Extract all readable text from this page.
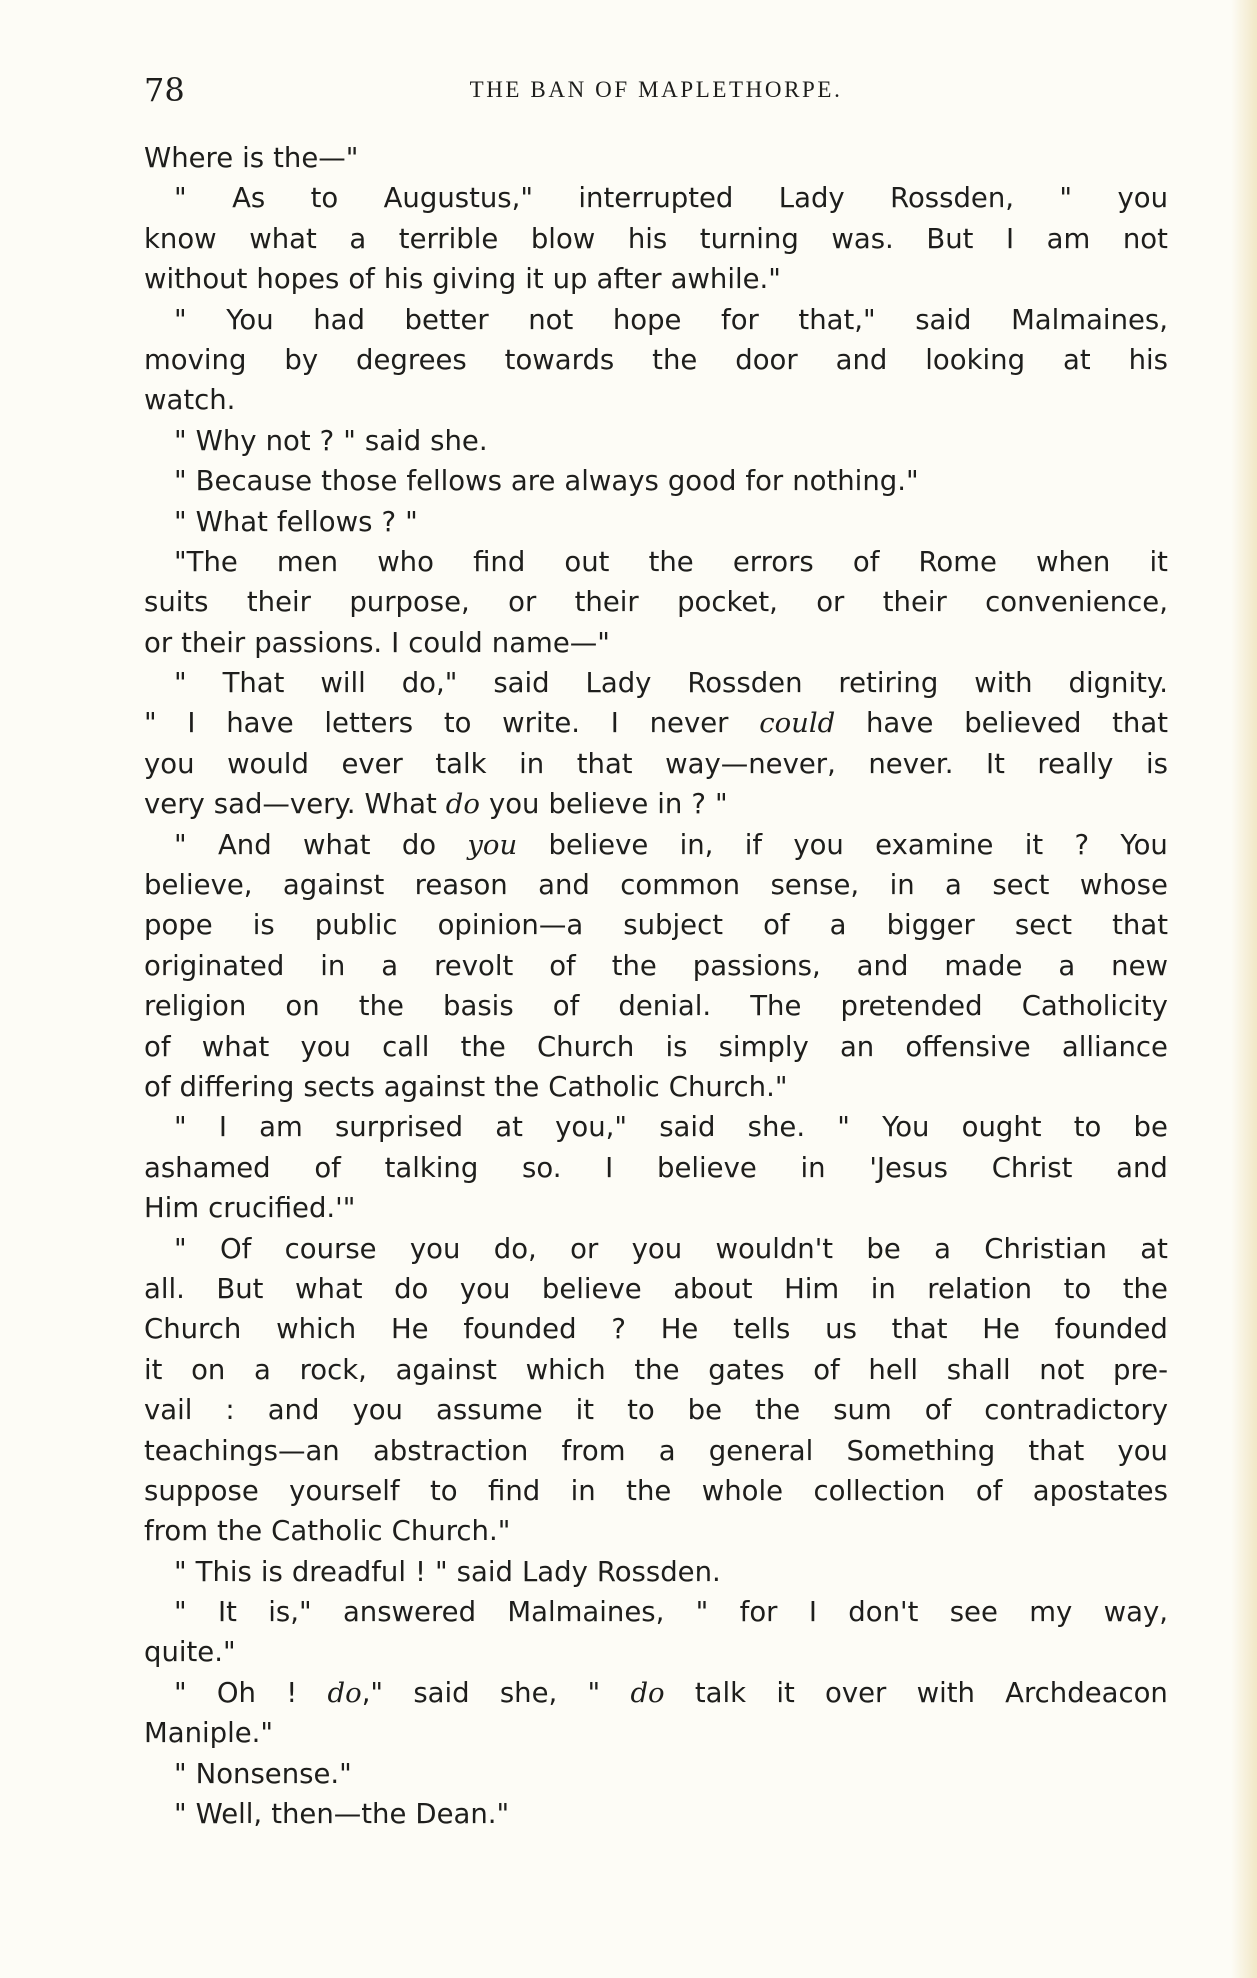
78	THE BAN OF MAPLETHORPE.
Where is the—"
" As to Augustus," interrupted Lady Rossden, " you
know what a terrible blow his turning was. But I am not
without hopes of his giving it up after awhile."
" You had better not hope for that," said Malmaines,
moving by degrees towards the door and looking at his
watch.
" Why not ? " said she.
" Because those fellows are always good for nothing."
" What fellows ? "
"The men who find out the errors of Rome when it
suits their purpose, or their pocket, or their convenience,
or their passions. I could name—"
" That will do," said Lady Rossden retiring with dignity.
" I have letters to write. I never could have believed that
you would ever talk in that way—never, never. It really is
very sad—very. What do you believe in ? "
" And what do you believe in, if you examine it ? You
believe, against reason and common sense, in a sect whose
pope is public opinion—a subject of a bigger sect that
originated in a revolt of the passions, and made a new
religion on the basis of denial. The pretended Catholicity
of what you call the Church is simply an offensive alliance
of differing sects against the Catholic Church."
" I am surprised at you," said she. " You ought to be
ashamed of talking so. I believe in 'Jesus Christ and
Him crucified.'"
" Of course you do, or you wouldn't be a Christian at
all. But what do you believe about Him in relation to the
Church which He founded ? He tells us that He founded
it on a rock, against which the gates of hell shall not pre-
vail : and you assume it to be the sum of contradictory
teachings—an abstraction from a general Something that you
suppose yourself to find in the whole collection of apostates
from the Catholic Church."
" This is dreadful ! " said Lady Rossden.
" It is," answered Malmaines, " for I don't see my way,
quite."
" Oh ! do," said she, " do talk it over with Archdeacon
Maniple."
" Nonsense."
" Well, then—the Dean."
